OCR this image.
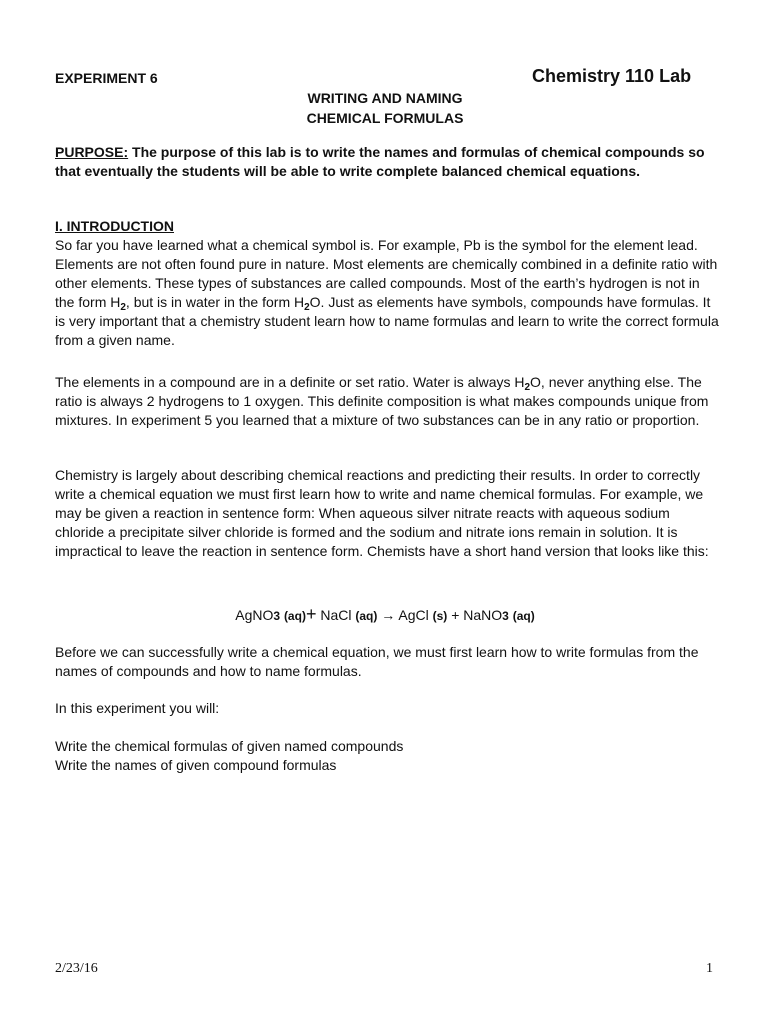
EXPERIMENT 6	Chemistry 110 Lab
WRITING AND NAMING
CHEMICAL FORMULAS
PURPOSE: The purpose of this lab is to write the names and formulas of chemical compounds so that eventually the students will be able to write complete balanced chemical equations.
I. INTRODUCTION
So far you have learned what a chemical symbol is. For example, Pb is the symbol for the element lead. Elements are not often found pure in nature. Most elements are chemically combined in a definite ratio with other elements. These types of substances are called compounds. Most of the earth’s hydrogen is not in the form $H_2$, but is in water in the form $H_2O$. Just as elements have symbols, compounds have formulas. It is very important that a chemistry student learn how to name formulas and learn to write the correct formula from a given name.
The elements in a compound are in a definite or set ratio. Water is always $H_2O$, never anything else. The ratio is always 2 hydrogens to 1 oxygen. This definite composition is what makes compounds unique from mixtures. In experiment 5 you learned that a mixture of two substances can be in any ratio or proportion.
Chemistry is largely about describing chemical reactions and predicting their results. In order to correctly write a chemical equation we must first learn how to write and name chemical formulas. For example, we may be given a reaction in sentence form: When aqueous silver nitrate reacts with aqueous sodium chloride a precipitate silver chloride is formed and the sodium and nitrate ions remain in solution. It is impractical to leave the reaction in sentence form. Chemists have a short hand version that looks like this:
AgNO3 (aq)+ NaCl (aq) → AgCl (s) + NaNO3 (aq)
Before we can successfully write a chemical equation, we must first learn how to write formulas from the names of compounds and how to name formulas.
In this experiment you will:
Write the chemical formulas of given named compounds
Write the names of given compound formulas
2/23/16	1
